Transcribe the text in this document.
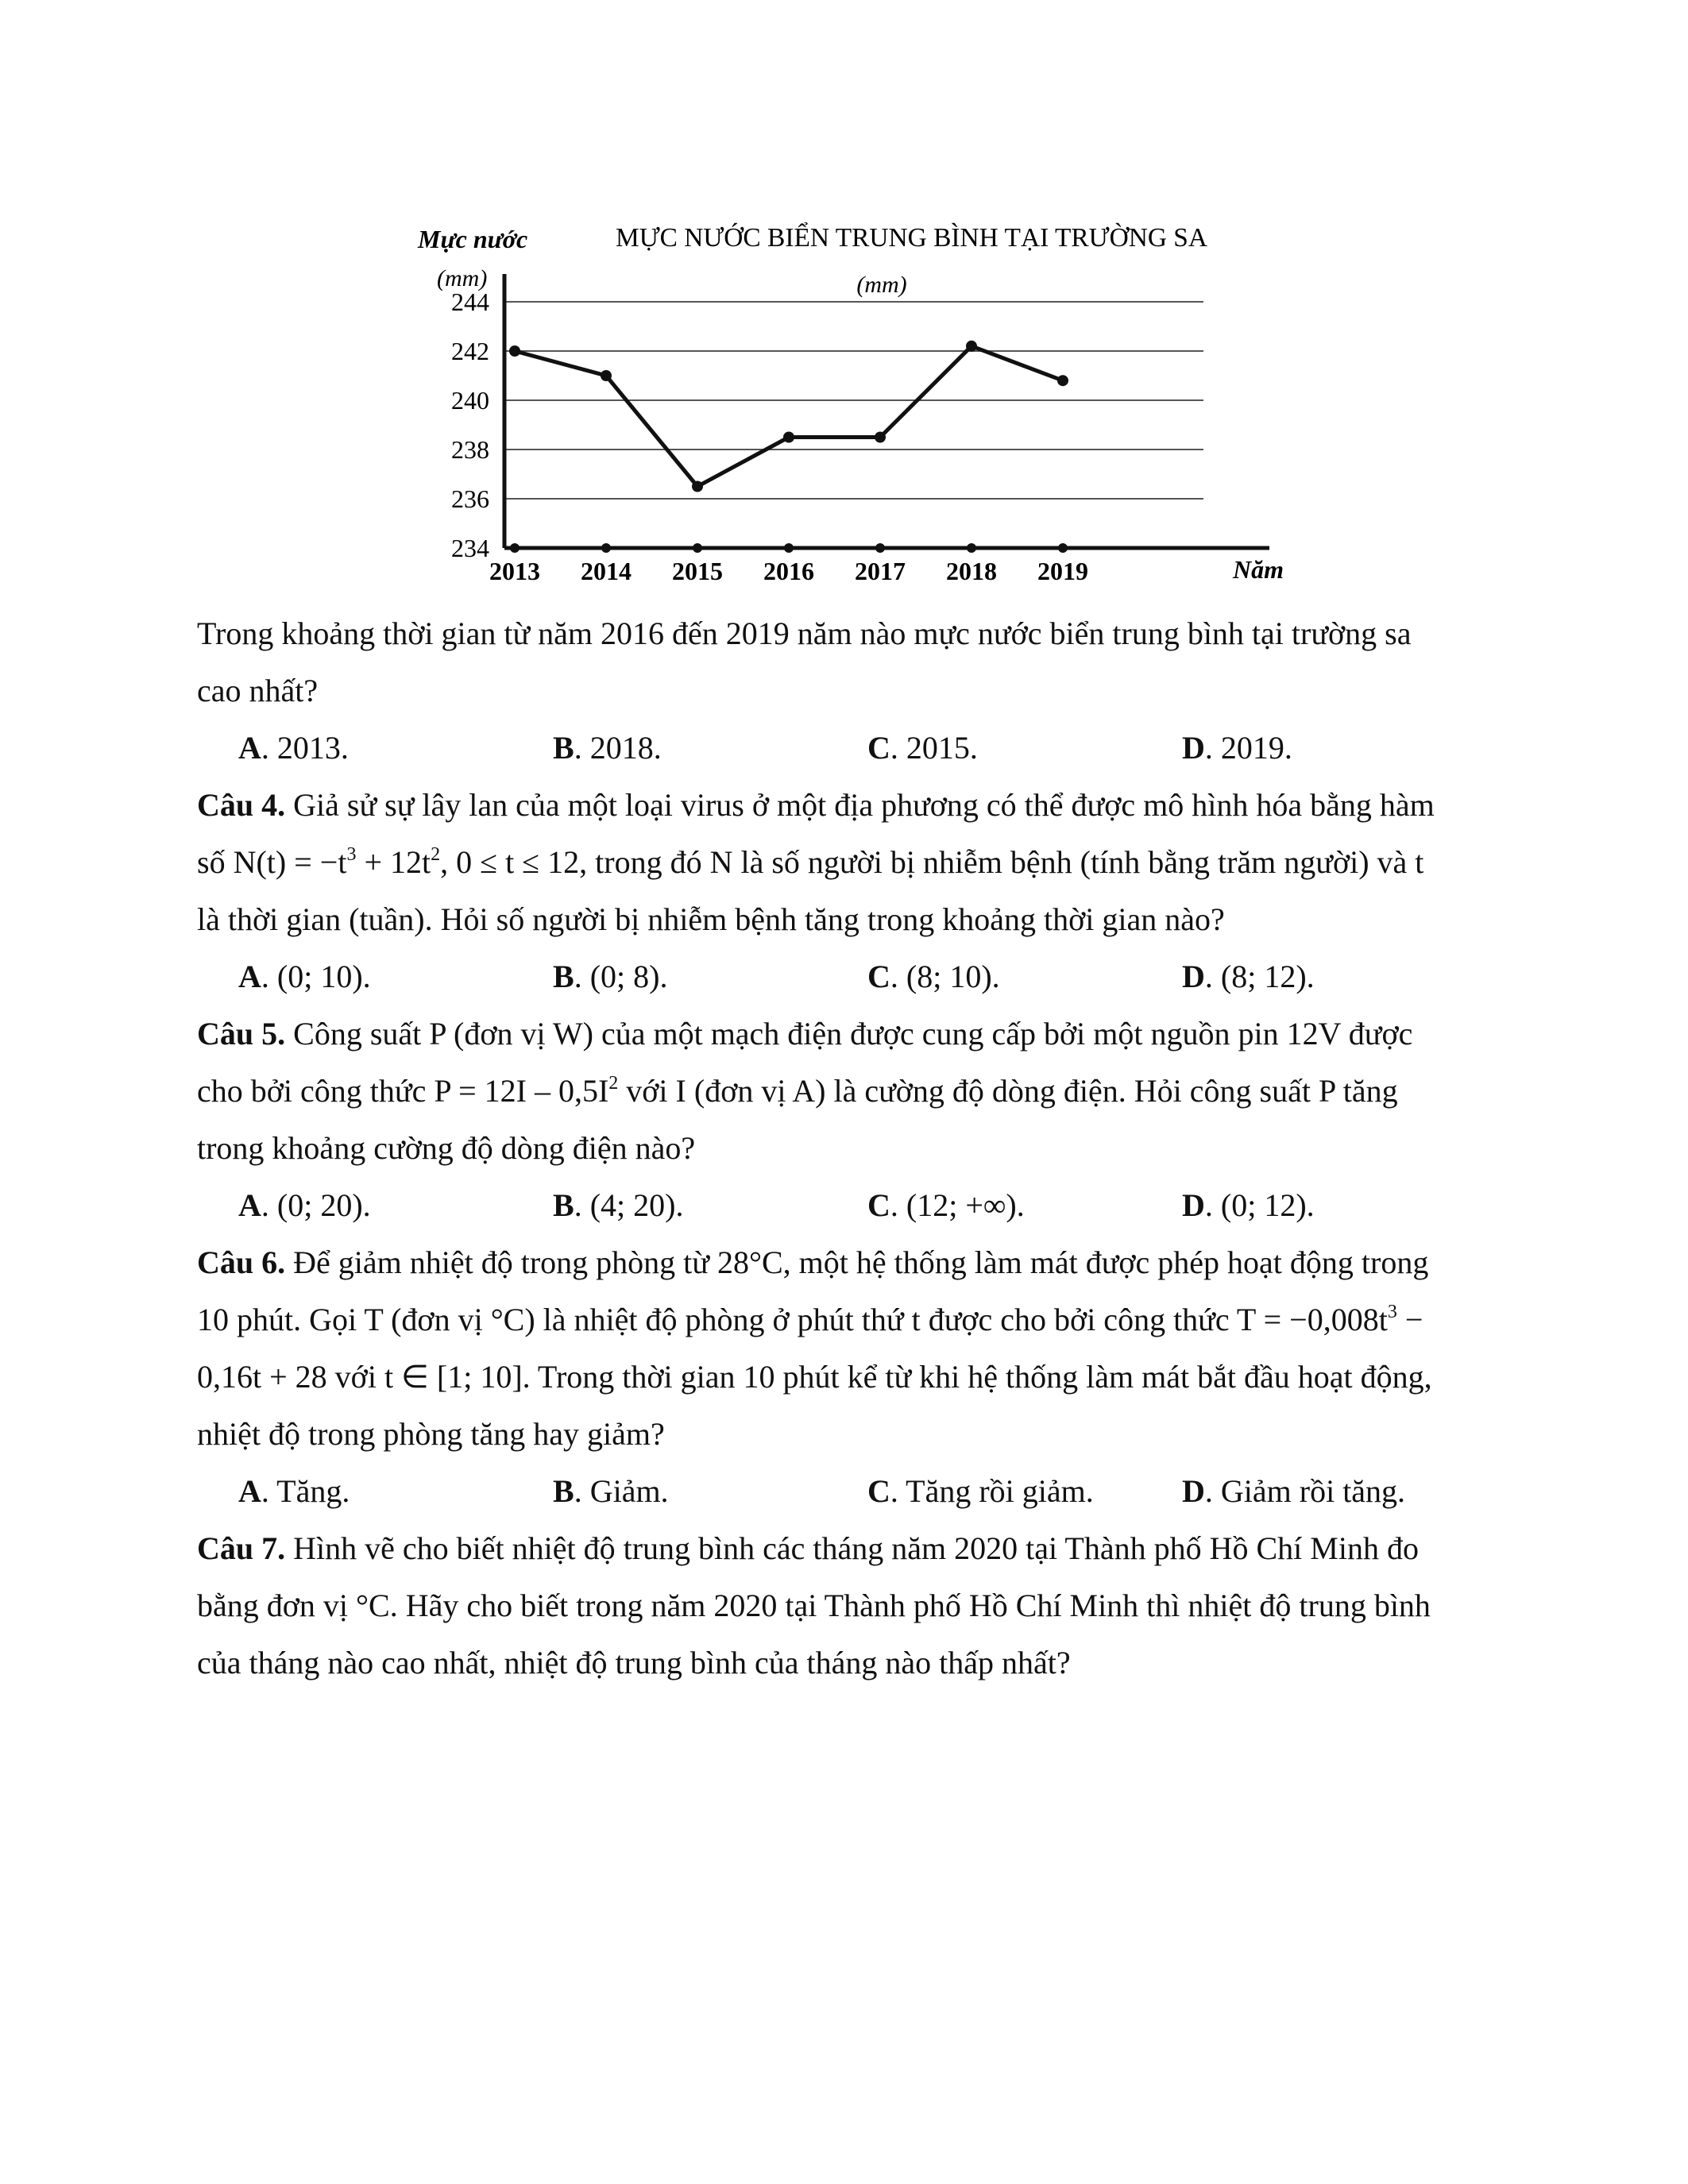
Mực nước
(mm)
MỰC NƯỚC BIỂN TRUNG BÌNH TẠI TRƯỜNG SA
(mm)
Năm
244
242
240
238
236
234
2013 2014 2015 2016 2017 2018 2019

Trong khoảng thời gian từ năm 2016 đến 2019 năm nào mực nước biển trung bình tại trường sa

cao nhất?

A. 2013.	B. 2018.	C. 2015.	D. 2019.

Câu 4. Giả sử sự lây lan của một loại virus ở một địa phương có thể được mô hình hóa bằng hàm

số $N(t) = -t^3 + 12t^2$, 0 ≤ t ≤ 12, trong đó N là số người bị nhiễm bệnh (tính bằng trăm người) và t

là thời gian (tuần). Hỏi số người bị nhiễm bệnh tăng trong khoảng thời gian nào?

A. (0; 10).	B. (0; 8).	C. (8; 10).	D. (8; 12).

Câu 5. Công suất P (đơn vị W) của một mạch điện được cung cấp bởi một nguồn pin 12V được

cho bởi công thức $P = 12I - 0,5I^2$ với I (đơn vị A) là cường độ dòng điện. Hỏi công suất P tăng

trong khoảng cường độ dòng điện nào?

A. (0; 20).	B. (4; 20).	C. (12; +∞).	D. (0; 12).

Câu 6. Để giảm nhiệt độ trong phòng từ 28°C, một hệ thống làm mát được phép hoạt động trong

10 phút. Gọi T (đơn vị °C) là nhiệt độ phòng ở phút thứ t được cho bởi công thức $T = -0,008t^3$ −

0,16t + 28 với t ∈ [1; 10]. Trong thời gian 10 phút kể từ khi hệ thống làm mát bắt đầu hoạt động,

nhiệt độ trong phòng tăng hay giảm?

A. Tăng.	B. Giảm.	C. Tăng rồi giảm.	D. Giảm rồi tăng.

Câu 7. Hình vẽ cho biết nhiệt độ trung bình các tháng năm 2020 tại Thành phố Hồ Chí Minh đo

bằng đơn vị °C. Hãy cho biết trong năm 2020 tại Thành phố Hồ Chí Minh thì nhiệt độ trung bình

của tháng nào cao nhất, nhiệt độ trung bình của tháng nào thấp nhất?
